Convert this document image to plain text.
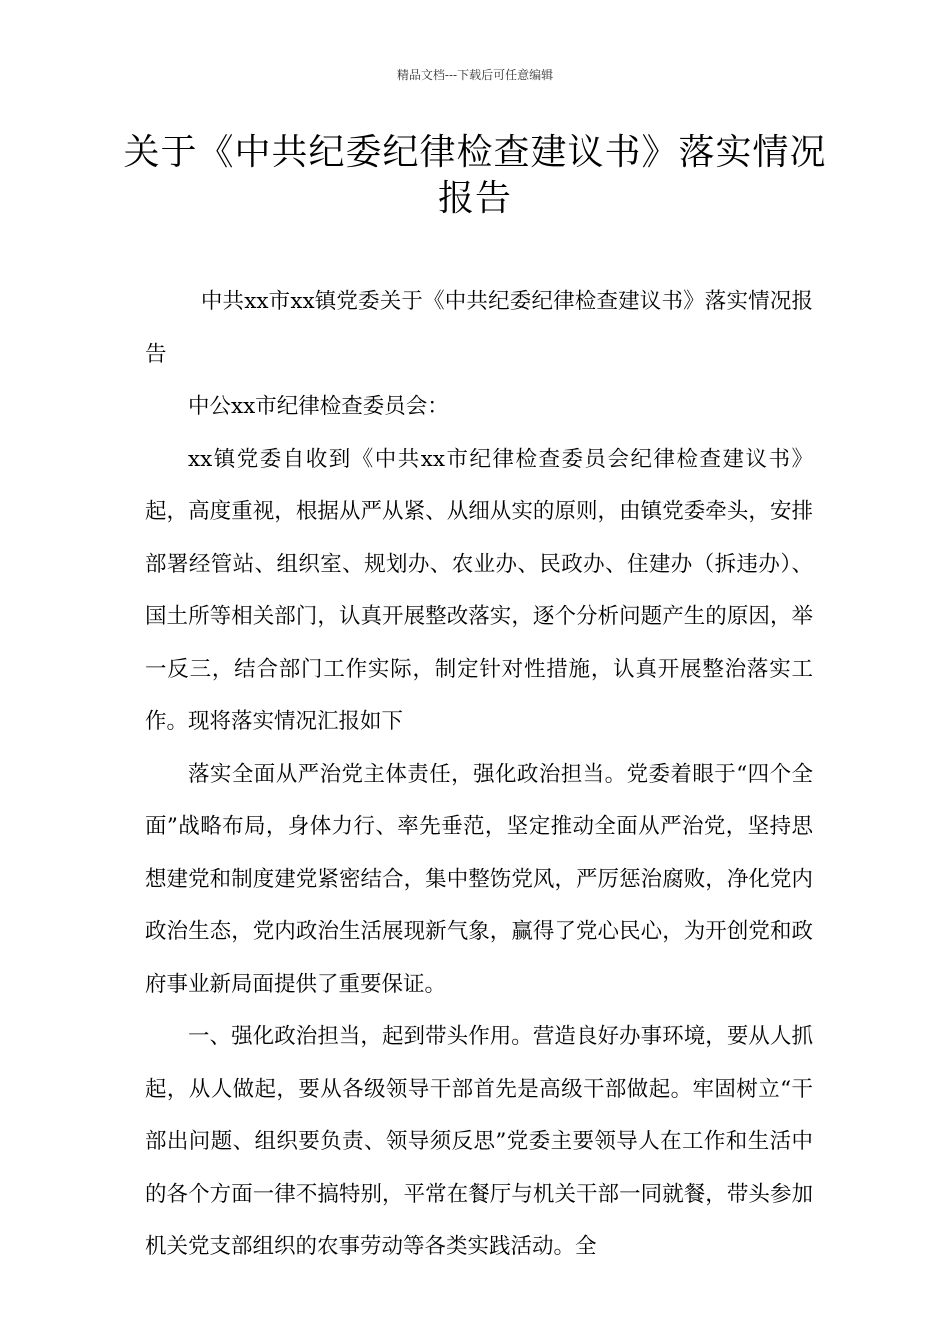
精品文档---下载后可任意编辑
关于《中共纪委纪律检查建议书》落实情况报告

中共xx市xx镇党委关于《中共纪委纪律检查建议书》落实情况报告

中公xx市纪律检查委员会：

xx镇党委自收到《中共xx市纪律检查委员会纪律检查建议书》起，高度重视，根据从严从紧、从细从实的原则，由镇党委牵头，安排部署经管站、组织室、规划办、农业办、民政办、住建办（拆违办）、国土所等相关部门，认真开展整改落实，逐个分析问题产生的原因，举一反三，结合部门工作实际，制定针对性措施，认真开展整治落实工作。现将落实情况汇报如下

落实全面从严治党主体责任，强化政治担当。党委着眼于“四个全面”战略布局，身体力行、率先垂范，坚定推动全面从严治党，坚持思想建党和制度建党紧密结合，集中整饬党风，严厉惩治腐败，净化党内政治生态，党内政治生活展现新气象，赢得了党心民心，为开创党和政府事业新局面提供了重要保证。

一、强化政治担当，起到带头作用。营造良好办事环境，要从人抓起，从人做起，要从各级领导干部首先是高级干部做起。牢固树立“干部出问题、组织要负责、领导须反思”党委主要领导人在工作和生活中的各个方面一律不搞特别，平常在餐厅与机关干部一同就餐，带头参加机关党支部组织的农事劳动等各类实践活动。全
